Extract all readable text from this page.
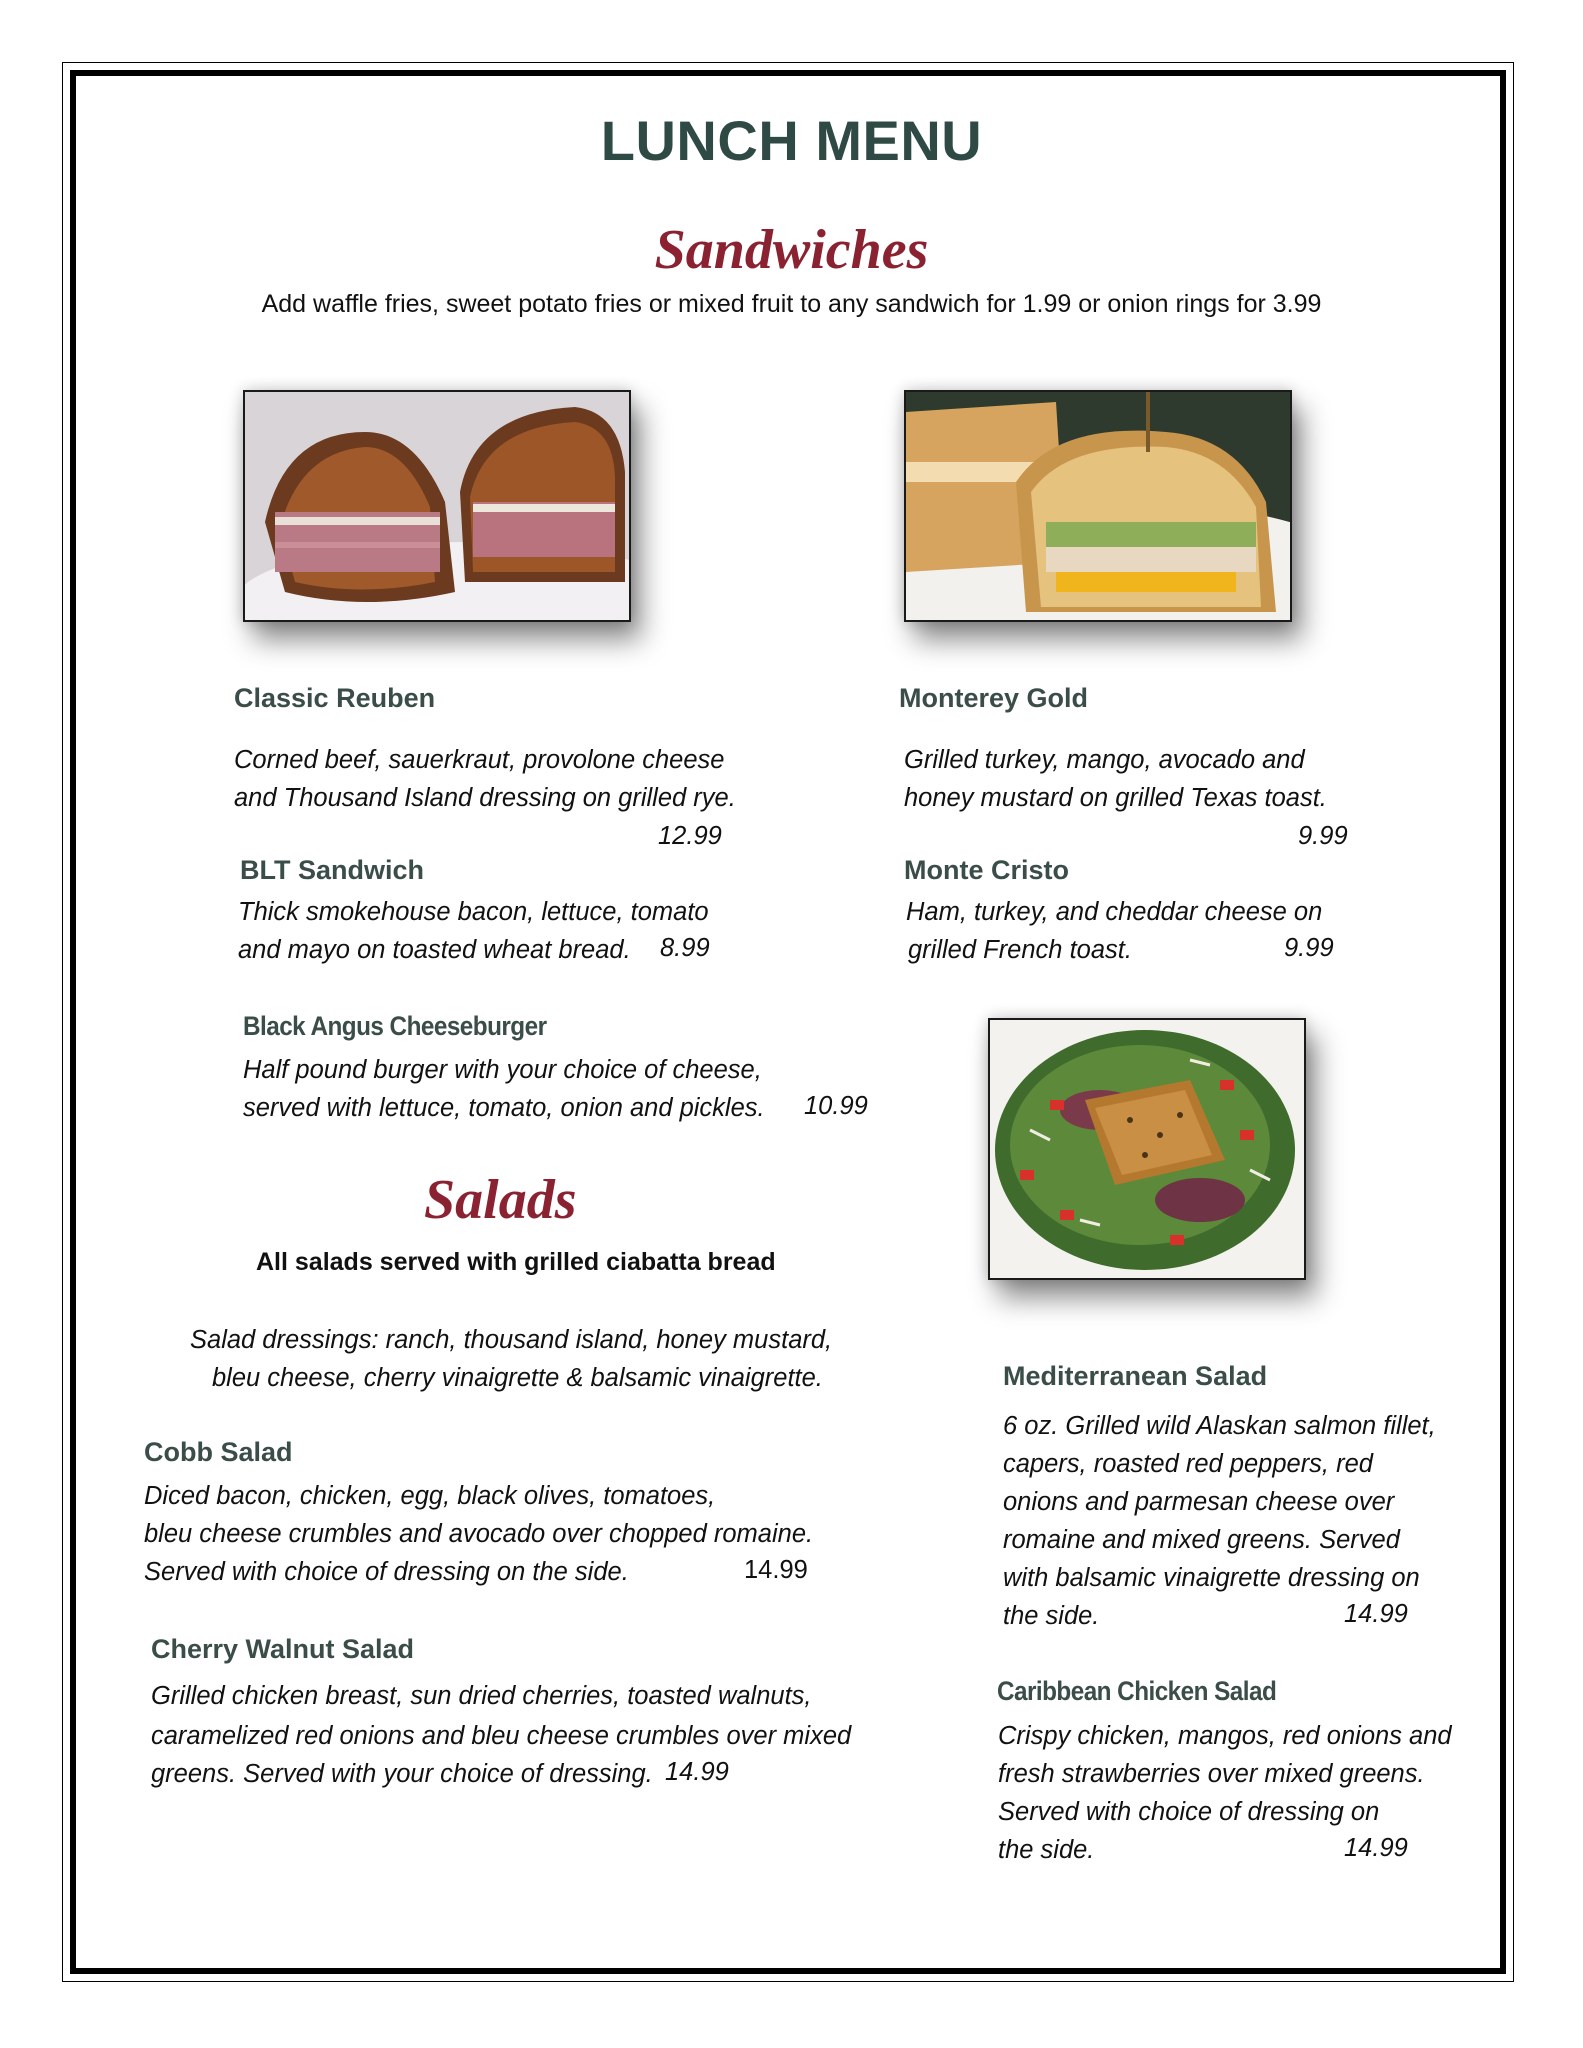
LUNCH MENU
Sandwiches
Add waffle fries, sweet potato fries or mixed fruit to any sandwich for 1.99 or onion rings for 3.99
Classic Reuben
Corned beef, sauerkraut, provolone cheese
and Thousand Island dressing on grilled rye.
12.99
Monterey Gold
Grilled turkey, mango, avocado and
honey mustard on grilled Texas toast.
9.99
BLT Sandwich
Thick smokehouse bacon, lettuce, tomato
and mayo on toasted wheat bread. 8.99
Monte Cristo
Ham, turkey, and cheddar cheese on
grilled French toast.	9.99
Black Angus Cheeseburger
Half pound burger with your choice of cheese,
served with lettuce, tomato, onion and pickles. 10.99
Salads
All salads served with grilled ciabatta bread
Salad dressings: ranch, thousand island, honey mustard,
bleu cheese, cherry vinaigrette & balsamic vinaigrette.
Cobb Salad
Diced bacon, chicken, egg, black olives, tomatoes,
bleu cheese crumbles and avocado over chopped romaine.
Served with choice of dressing on the side.	14.99
Cherry Walnut Salad
Grilled chicken breast, sun dried cherries, toasted walnuts,
caramelized red onions and bleu cheese crumbles over mixed
greens. Served with your choice of dressing. 14.99
Mediterranean Salad
6 oz. Grilled wild Alaskan salmon fillet,
capers, roasted red peppers, red
onions and parmesan cheese over
romaine and mixed greens. Served
with balsamic vinaigrette dressing on
the side.	14.99
Caribbean Chicken Salad
Crispy chicken, mangos, red onions and
fresh strawberries over mixed greens.
Served with choice of dressing on
the side.	14.99
